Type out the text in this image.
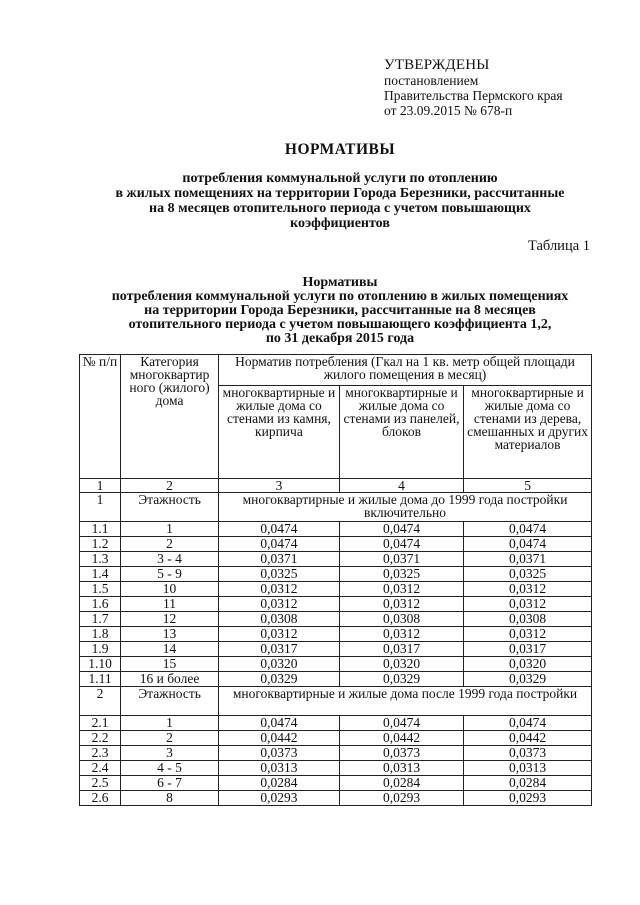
УТВЕРЖДЕНЫ
постановлением
Правительства Пермского края
от 23.09.2015 № 678-п
НОРМАТИВЫ
потребления коммунальной услуги по отоплению
в жилых помещениях на территории Города Березники, рассчитанные
на 8 месяцев отопительного периода с учетом повышающих
коэффициентов
Таблица 1
Нормативы
потребления коммунальной услуги по отоплению в жилых помещениях
на территории Города Березники, рассчитанные на 8 месяцев
отопительного периода с учетом повышающего коэффициента 1,2,
по 31 декабря 2015 года
№ п/п	Категория многоквартир ного (жилого) дома	Норматив потребления (Гкал на 1 кв. метр общей площади жилого помещения в месяц)		
		многоквартирные и жилые дома со стенами из камня, кирпича	многоквартирные и жилые дома со стенами из панелей, блоков	многоквартирные и жилые дома со стенами из дерева, смешанных и других материалов
1	2	3	4	5
1	Этажность	многоквартирные и жилые дома до 1999 года постройки включительно		
1.1	1	0,0474	0,0474	0,0474
1.2	2	0,0474	0,0474	0,0474
1.3	3 - 4	0,0371	0,0371	0,0371
1.4	5 - 9	0,0325	0,0325	0,0325
1.5	10	0,0312	0,0312	0,0312
1.6	11	0,0312	0,0312	0,0312
1.7	12	0,0308	0,0308	0,0308
1.8	13	0,0312	0,0312	0,0312
1.9	14	0,0317	0,0317	0,0317
1.10	15	0,0320	0,0320	0,0320
1.11	16 и более	0,0329	0,0329	0,0329
2	Этажность	многоквартирные и жилые дома после 1999 года постройки		
2.1	1	0,0474	0,0474	0,0474
2.2	2	0,0442	0,0442	0,0442
2.3	3	0,0373	0,0373	0,0373
2.4	4 - 5	0,0313	0,0313	0,0313
2.5	6 - 7	0,0284	0,0284	0,0284
2.6	8	0,0293	0,0293	0,0293
